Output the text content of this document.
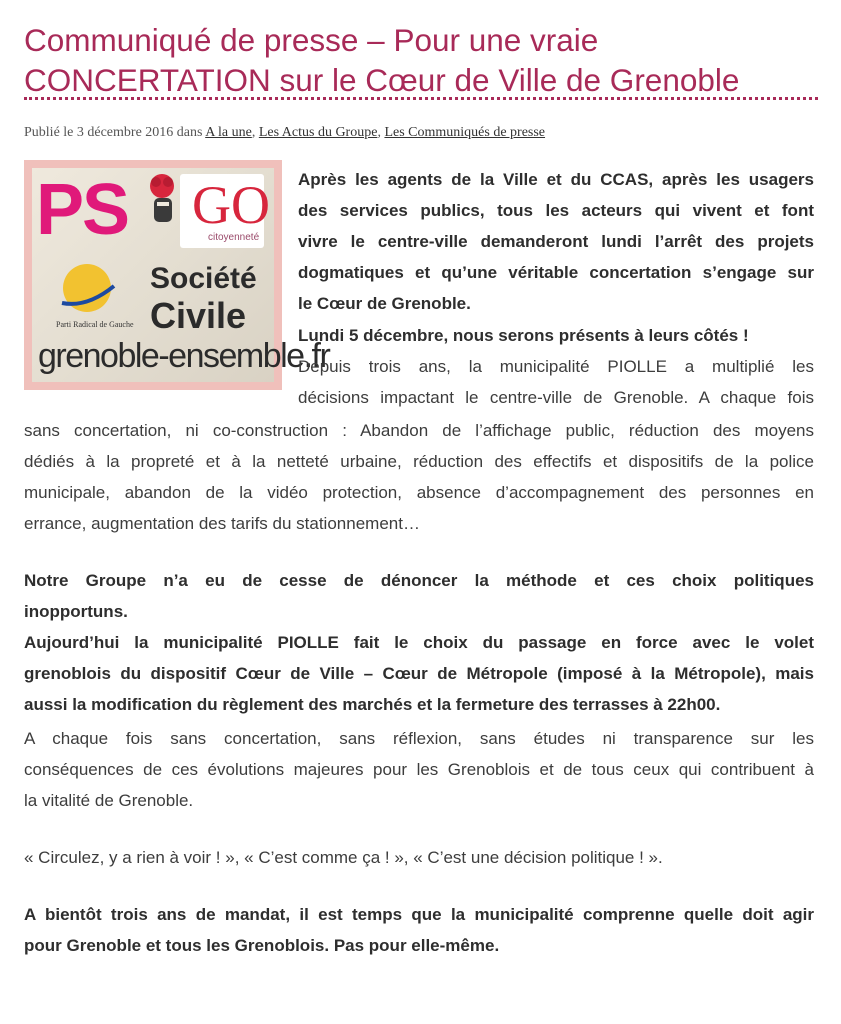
Communiqué de presse – Pour une vraie
CONCERTATION sur le Cœur de Ville de Grenoble
Publié le 3 décembre 2016 dans A la une, Les Actus du Groupe, Les Communiqués de presse
PS GO
citoyenneté
Parti Radical de Gauche
Société
Civile
grenoble-ensemble.fr

Après les agents de la Ville et du CCAS, après les usagers

des services publics, tous les acteurs qui vivent et font

vivre le centre-ville demanderont lundi l’arrêt des projets

dogmatiques et qu’une véritable concertation s’engage sur

le Cœur de Grenoble.

Lundi 5 décembre, nous serons présents à leurs côtés !

Depuis trois ans, la municipalité PIOLLE a multiplié les

décisions impactant le centre-ville de Grenoble. A chaque fois

sans concertation, ni co-construction : Abandon de l’affichage public, réduction des moyens

dédiés à la propreté et à la netteté urbaine, réduction des effectifs et dispositifs de la police

municipale, abandon de la vidéo protection, absence d’accompagnement des personnes en

errance, augmentation des tarifs du stationnement…

Notre Groupe n’a eu de cesse de dénoncer la méthode et ces choix politiques

inopportuns.

Aujourd’hui la municipalité PIOLLE fait le choix du passage en force avec le volet

grenoblois du dispositif Cœur de Ville – Cœur de Métropole (imposé à la Métropole), mais

aussi la modification du règlement des marchés et la fermeture des terrasses à 22h00.

A chaque fois sans concertation, sans réflexion, sans études ni transparence sur les

conséquences de ces évolutions majeures pour les Grenoblois et de tous ceux qui contribuent à

la vitalité de Grenoble.

« Circulez, y a rien à voir ! », « C’est comme ça ! », « C’est une décision politique ! ».

A bientôt trois ans de mandat, il est temps que la municipalité comprenne quelle doit agir

pour Grenoble et tous les Grenoblois. Pas pour elle-même.
